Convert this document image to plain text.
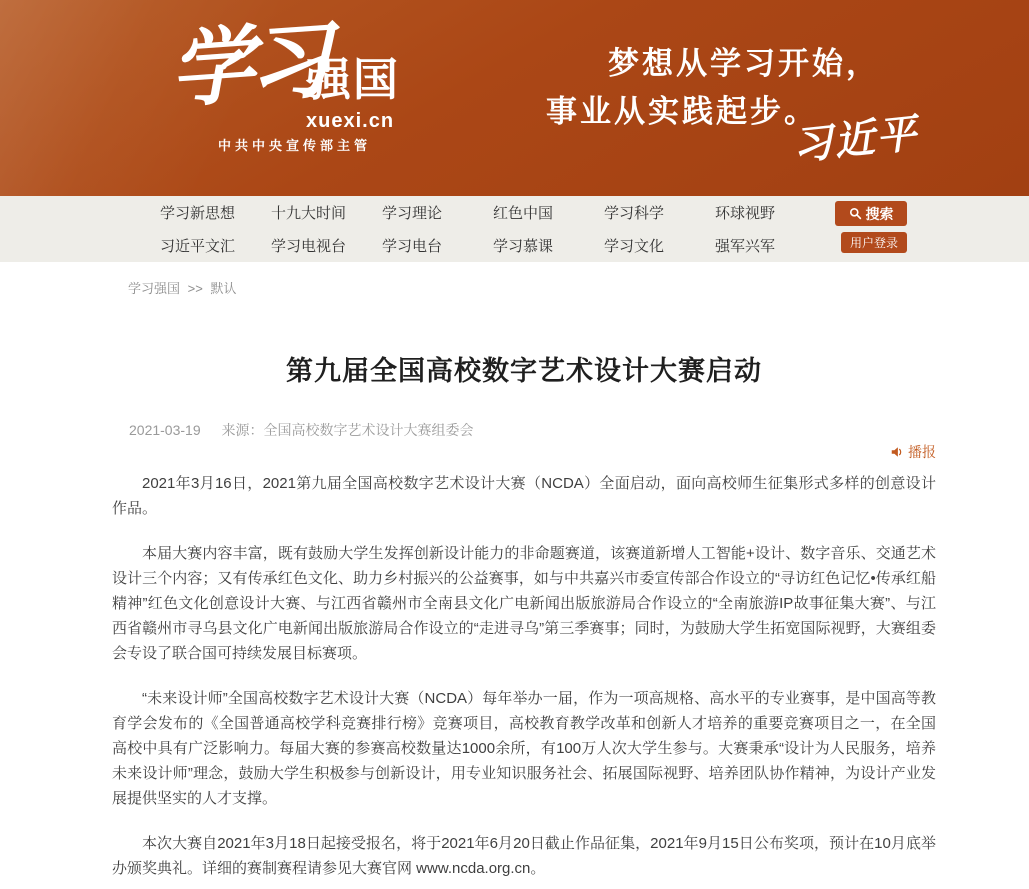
学习
强国
xuexi.cn
中共中央宣传部主管
梦想从学习开始，
事业从实践起步。
习近平
学习新思想	十九大时间	学习理论	红色中国	学习科学	环球视野
习近平文汇	学习电视台	学习电台	学习慕课	学习文化	强军兴军
搜索
用户登录
学习强国 >> 默认
第九届全国高校数字艺术设计大赛启动
2021-03-19 来源：全国高校数字艺术设计大赛组委会
播报

2021年3月16日，2021第九届全国高校数字艺术设计大赛（NCDA）全面启动，面向高校师生征集形式多样的创意设计作品。

本届大赛内容丰富，既有鼓励大学生发挥创新设计能力的非命题赛道，该赛道新增人工智能+设计、数字音乐、交通艺术设计三个内容；又有传承红色文化、助力乡村振兴的公益赛事，如与中共嘉兴市委宣传部合作设立的“寻访红色记忆•传承红船精神”红色文化创意设计大赛、与江西省赣州市全南县文化广电新闻出版旅游局合作设立的“全南旅游IP故事征集大赛”、与江西省赣州市寻乌县文化广电新闻出版旅游局合作设立的“走进寻乌”第三季赛事；同时，为鼓励大学生拓宽国际视野，大赛组委会专设了联合国可持续发展目标赛项。

“未来设计师”全国高校数字艺术设计大赛（NCDA）每年举办一届，作为一项高规格、高水平的专业赛事，是中国高等教育学会发布的《全国普通高校学科竞赛排行榜》竞赛项目，高校教育教学改革和创新人才培养的重要竞赛项目之一，在全国高校中具有广泛影响力。每届大赛的参赛高校数量达1000余所，有100万人次大学生参与。大赛秉承“设计为人民服务，培养未来设计师”理念，鼓励大学生积极参与创新设计，用专业知识服务社会、拓展国际视野、培养团队协作精神，为设计产业发展提供坚实的人才支撑。

本次大赛自2021年3月18日起接受报名，将于2021年6月20日截止作品征集，2021年9月15日公布奖项，预计在10月底举办颁奖典礼。详细的赛制赛程请参见大赛官网 www.ncda.org.cn。
